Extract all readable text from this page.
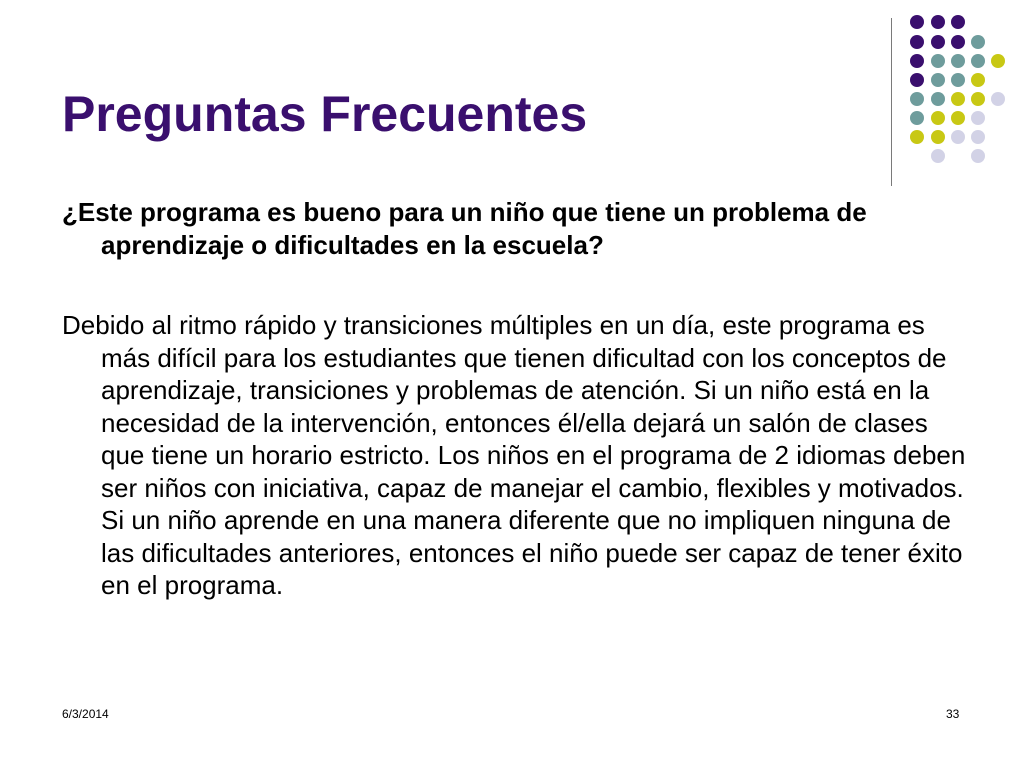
Preguntas Frecuentes

¿Este programa es bueno para un niño que tiene un problema de aprendizaje o dificultades en la escuela?

Debido al ritmo rápido y transiciones múltiples en un día, este programa es más difícil para los estudiantes que tienen dificultad con los conceptos de aprendizaje, transiciones y problemas de atención. Si un niño está en la necesidad de la intervención, entonces él/ella dejará un salón de clases que tiene un horario estricto. Los niños en el programa de 2 idiomas deben ser niños con iniciativa, capaz de manejar el cambio, flexibles y motivados. Si un niño aprende en una manera diferente que no impliquen ninguna de las dificultades anteriores, entonces el niño puede ser capaz de tener éxito en el programa.

6/3/2014	33
